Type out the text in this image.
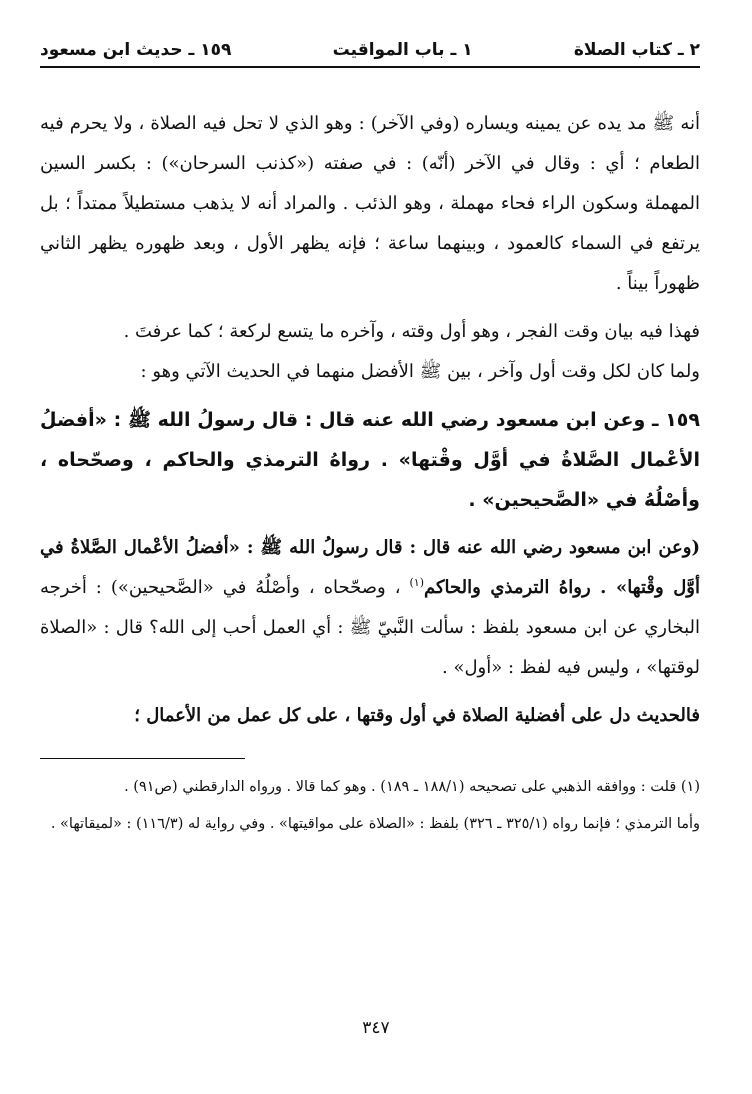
٢ ـ كتاب الصلاة
١ ـ باب المواقيت
١٥٩ ـ حديث ابن مسعود

أنه ﷺ مد يده عن يمينه ويساره (وفي الآخر) : وهو الذي لا تحل فيه الصلاة ، ولا يحرم فيه الطعام ؛ أي : وقال في الآخر (أنّه) : في صفته («كذنب السرحان») : بكسر السين المهملة وسكون الراء فحاء مهملة ، وهو الذئب . والمراد أنه لا يذهب مستطيلاً ممتداً ؛ بل يرتفع في السماء كالعمود ، وبينهما ساعة ؛ فإنه يظهر الأول ، وبعد ظهوره يظهر الثاني ظهوراً بيناً .

فهذا فيه بيان وقت الفجر ، وهو أول وقته ، وآخره ما يتسع لركعة ؛ كما عرفتَ .

ولما كان لكل وقت أول وآخر ، بين ﷺ الأفضل منهما في الحديث الآتي وهو :

١٥٩ ـ وعن ابن مسعود رضي الله عنه قال : قال رسولُ الله ﷺ : «أفضلُ الأعْمال الصَّلاةُ في أوَّل وقْتها» . رواهُ الترمذي والحاكم ، وصحّحاه ، وأصْلُهُ في «الصَّحيحين» .

(وعن ابن مسعود رضي الله عنه قال : قال رسولُ الله ﷺ : «أفضلُ الأعْمال الصَّلاةُ في أوَّل وقْتها» . رواهُ الترمذي والحاكم$^{(١)}$ ، وصحّحاه ، وأصْلُهُ في «الصَّحيحين») : أخرجه البخاري عن ابن مسعود بلفظ : سألت النَّبيّ ﷺ : أي العمل أحب إلى الله؟ قال : «الصلاة لوقتها» ، وليس فيه لفظ : «أول» .

فالحديث دل على أفضلية الصلاة في أول وقتها ، على كل عمل من الأعمال ؛

(١) قلت : ووافقه الذهبي على تصحيحه (١٨٨/١ ـ ١٨٩) . وهو كما قالا . ورواه الدارقطني (ص٩١) .

وأما الترمذي ؛ فإنما رواه (٣٢٥/١ ـ ٣٢٦) بلفظ : «الصلاة على مواقيتها» . وفي رواية له (١١٦/٣) : «لميقاتها» .

٣٤٧
